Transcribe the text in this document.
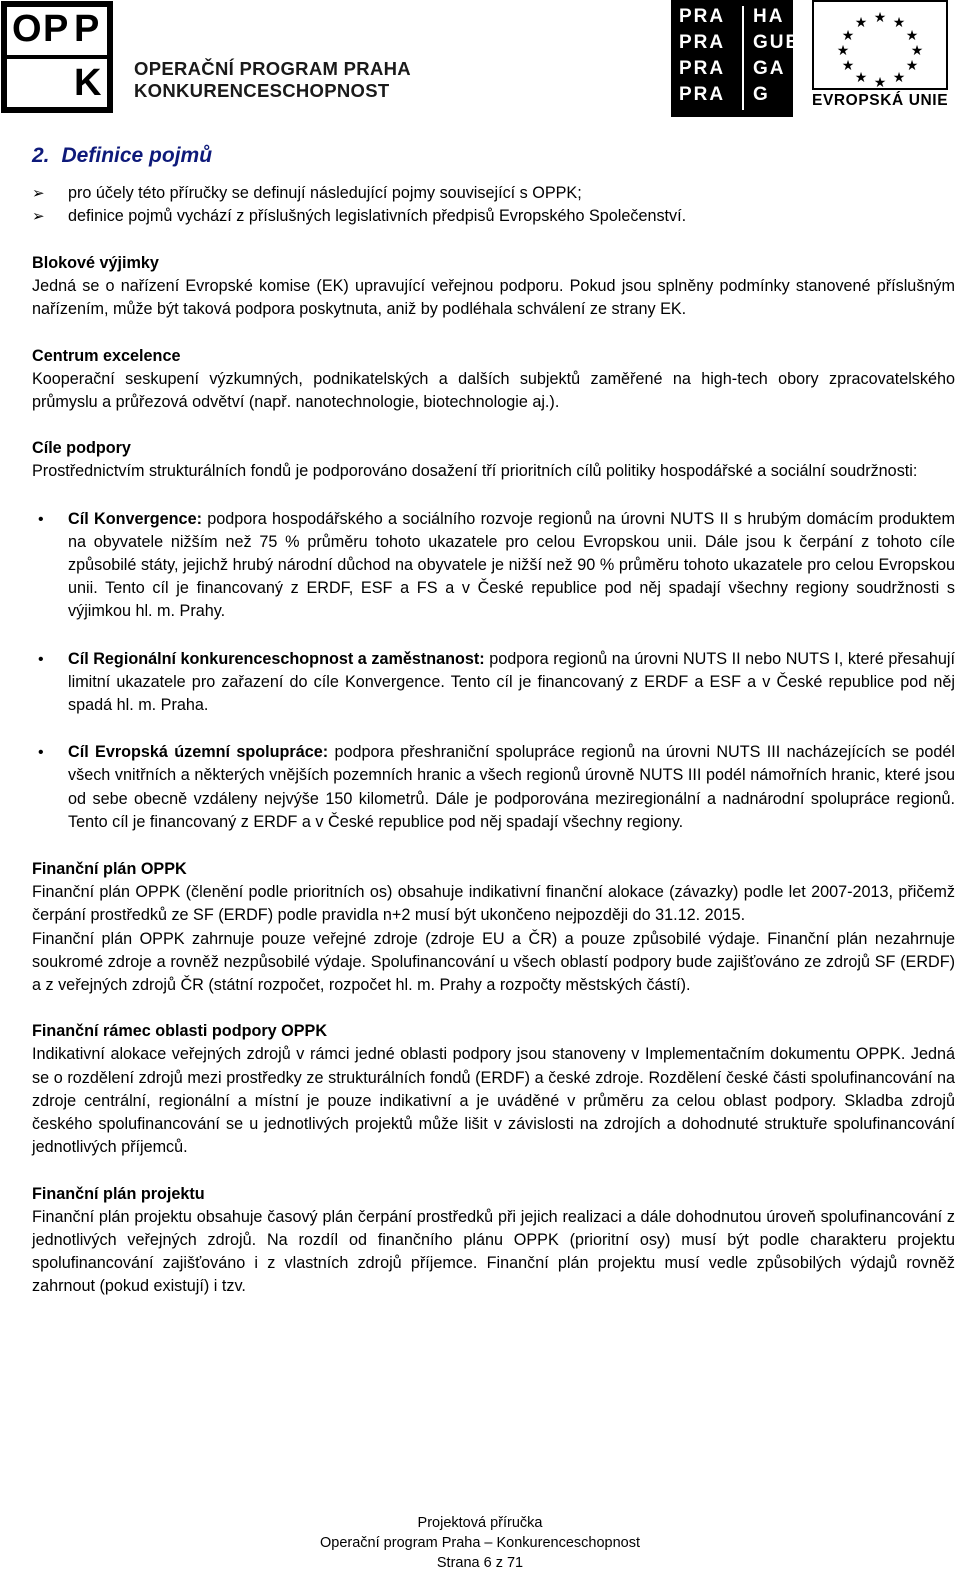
O P P
K OPERAČNÍ PROGRAM PRAHA
KONKURENCESCHOPNOST
PRA HA
PRA GUE
PRA GA
PRA G
★ ★
★
★
★
★
★
★
★
★
★
★
EVROPSKÁ UNIE
2. Definice pojmů
➢ pro účely této příručky se definují následující pojmy související s OPPK;
➢ definice pojmů vychází z příslušných legislativních předpisů Evropského Společenství.
Blokové výjimky

Jedná se o nařízení Evropské komise (EK) upravující veřejnou podporu. Pokud jsou splněny podmínky stanovené příslušným nařízením, může být taková podpora poskytnuta, aniž by podléhala schválení ze strany EK.

Centrum excelence

Kooperační seskupení výzkumných, podnikatelských a dalších subjektů zaměřené na high-tech obory zpracovatelského průmyslu a průřezová odvětví (např. nanotechnologie, biotechnologie aj.).

Cíle podpory

Prostřednictvím strukturálních fondů je podporováno dosažení tří prioritních cílů politiky hospodářské a sociální soudržnosti:

• Cíl Konvergence: podpora hospodářského a sociálního rozvoje regionů na úrovni NUTS II s hrubým domácím produktem na obyvatele nižším než 75 % průměru tohoto ukazatele pro celou Evropskou unii. Dále jsou k čerpání z tohoto cíle způsobilé státy, jejichž hrubý národní důchod na obyvatele je nižší než 90 % průměru tohoto ukazatele pro celou Evropskou unii. Tento cíl je financovaný z ERDF, ESF a FS a v České republice pod něj spadají všechny regiony soudržnosti s výjimkou hl. m. Prahy.
• Cíl Regionální konkurenceschopnost a zaměstnanost: podpora regionů na úrovni NUTS II nebo NUTS I, které přesahují limitní ukazatele pro zařazení do cíle Konvergence. Tento cíl je financovaný z ERDF a ESF a v České republice pod něj spadá hl. m. Praha.
• Cíl Evropská územní spolupráce: podpora přeshraniční spolupráce regionů na úrovni NUTS III nacházejících se podél všech vnitřních a některých vnějších pozemních hranic a všech regionů úrovně NUTS III podél námořních hranic, které jsou od sebe obecně vzdáleny nejvýše 150 kilometrů. Dále je podporována meziregionální a nadnárodní spolupráce regionů. Tento cíl je financovaný z ERDF a v České republice pod něj spadají všechny regiony.
Finanční plán OPPK

Finanční plán OPPK (členění podle prioritních os) obsahuje indikativní finanční alokace (závazky) podle let 2007-2013, přičemž čerpání prostředků ze SF (ERDF) podle pravidla n+2 musí být ukončeno nejpozději do 31.12. 2015.

Finanční plán OPPK zahrnuje pouze veřejné zdroje (zdroje EU a ČR) a pouze způsobilé výdaje. Finanční plán nezahrnuje soukromé zdroje a rovněž nezpůsobilé výdaje. Spolufinancování u všech oblastí podpory bude zajišťováno ze zdrojů SF (ERDF) a z veřejných zdrojů ČR (státní rozpočet, rozpočet hl. m. Prahy a rozpočty městských částí).

Finanční rámec oblasti podpory OPPK

Indikativní alokace veřejných zdrojů v rámci jedné oblasti podpory jsou stanoveny v Implementačním dokumentu OPPK. Jedná se o rozdělení zdrojů mezi prostředky ze strukturálních fondů (ERDF) a české zdroje. Rozdělení české části spolufinancování na zdroje centrální, regionální a místní je pouze indikativní a je uváděné v průměru za celou oblast podpory. Skladba zdrojů českého spolufinancování se u jednotlivých projektů může lišit v závislosti na zdrojích a dohodnuté struktuře spolufinancování jednotlivých příjemců.

Finanční plán projektu

Finanční plán projektu obsahuje časový plán čerpání prostředků při jejich realizaci a dále dohodnutou úroveň spolufinancování z jednotlivých veřejných zdrojů. Na rozdíl od finančního plánu OPPK (prioritní osy) musí být podle charakteru projektu spolufinancování zajišťováno i z vlastních zdrojů příjemce. Finanční plán projektu musí vedle způsobilých výdajů rovněž zahrnout (pokud existují) i tzv.

Projektová příručka
Operační program Praha – Konkurenceschopnost
Strana 6 z 71
